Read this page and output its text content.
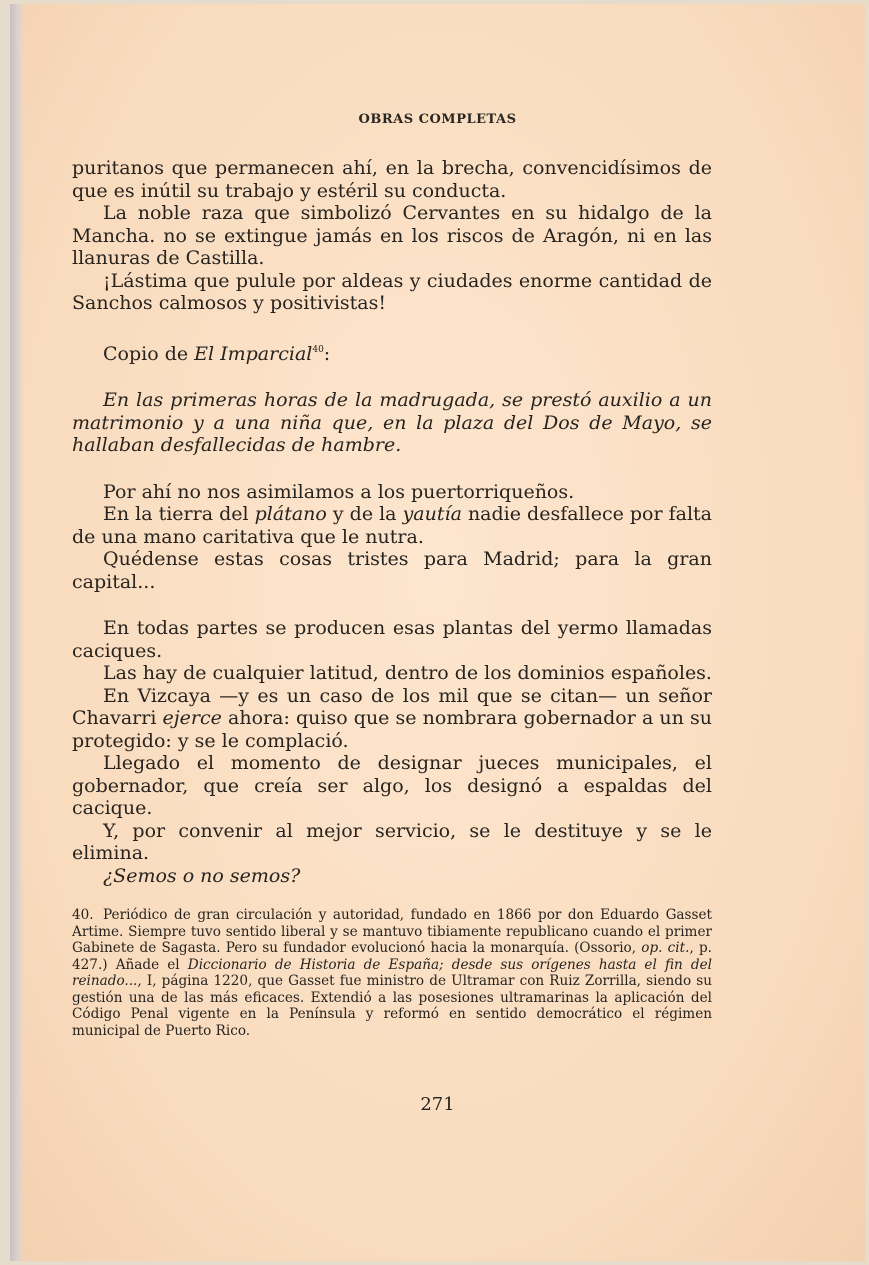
OBRAS COMPLETAS

puritanos que permanecen ahí, en la brecha, convencidísimos de que es inútil su trabajo y estéril su conducta.

La noble raza que simbolizó Cervantes en su hidalgo de la Mancha. no se extingue jamás en los riscos de Aragón, ni en las llanuras de Castilla.

¡Lástima que pulule por aldeas y ciudades enorme cantidad de Sanchos calmosos y positivistas!

Copio de El Imparcial$^{40}$:

En las primeras horas de la madrugada, se prestó auxilio a un matrimonio y a una niña que, en la plaza del Dos de Mayo, se hallaban desfallecidas de hambre.

Por ahí no nos asimilamos a los puertorriqueños.

En la tierra del plátano y de la yautía nadie desfallece por falta de una mano caritativa que le nutra.

Quédense estas cosas tristes para Madrid; para la gran capital...

En todas partes se producen esas plantas del yermo llamadas caciques.

Las hay de cualquier latitud, dentro de los dominios españoles.

En Vizcaya —y es un caso de los mil que se citan— un señor Chavarri ejerce ahora: quiso que se nombrara gobernador a un su protegido: y se le complació.

Llegado el momento de designar jueces municipales, el gobernador, que creía ser algo, los designó a espaldas del cacique.

Y, por convenir al mejor servicio, se le destituye y se le elimina.

¿Semos o no semos?

40. Periódico de gran circulación y autoridad, fundado en 1866 por don Eduardo Gasset Artime. Siempre tuvo sentido liberal y se mantuvo tibiamente republicano cuando el primer Gabinete de Sagasta. Pero su fundador evolucionó hacia la monarquía. (Ossorio, op. cit., p. 427.) Añade el Diccionario de Historia de España; desde sus orígenes hasta el fin del reinado..., I, página 1220, que Gasset fue ministro de Ultramar con Ruiz Zorrilla, siendo su gestión una de las más eficaces. Extendió a las posesiones ultramarinas la aplicación del Código Penal vigente en la Península y reformó en sentido democrático el régimen municipal de Puerto Rico.
271
